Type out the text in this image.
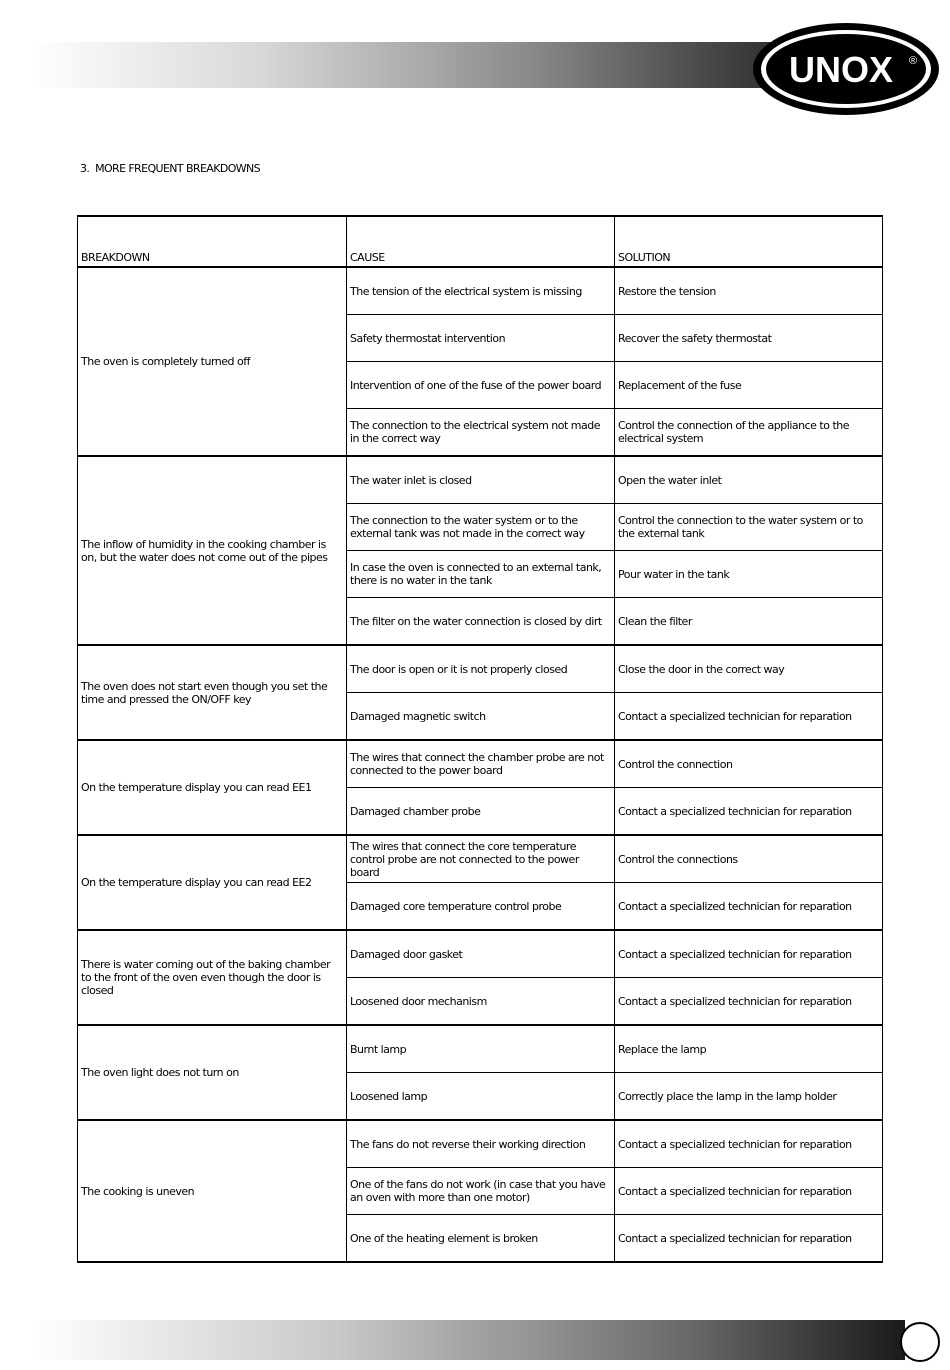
UNOX ®
3.  MORE FREQUENT BREAKDOWNS
BREAKDOWN	CAUSE	SOLUTION
The oven is completely turned off	The tension of the electrical system is missing	Restore the tension
	Safety thermostat intervention	Recover the safety thermostat
	Intervention of one of the fuse of the power board	Replacement of the fuse
	The connection to the electrical system not made in the correct way	Control the connection of the appliance to the electrical system
The inflow of humidity in the cooking chamber is on, but the water does not come out of the pipes	The water inlet is closed	Open the water inlet
	The connection to the water system or to the external tank was not made in the correct way	Control the connection to the water system or to the external tank
	In case the oven is connected to an external tank, there is no water in the tank	Pour water in the tank
	The filter on the water connection is closed by dirt	Clean the filter
The oven does not start even though you set the time and pressed the ON/OFF key	The door is open or it is not properly closed	Close the door in the correct way
	Damaged magnetic switch	Contact a specialized technician for reparation
On the temperature display you can read EE1	The wires that connect the chamber probe are not connected to the power board	Control the connection
	Damaged chamber probe	Contact a specialized technician for reparation
On the temperature display you can read EE2	The wires that connect the core temperature control probe are not connected to the power board	Control the connections
	Damaged core temperature control probe	Contact a specialized technician for reparation
There is water coming out of the baking chamber to the front of the oven even though the door is closed	Damaged door gasket	Contact a specialized technician for reparation
	Loosened door mechanism	Contact a specialized technician for reparation
The oven light does not turn on	Burnt lamp	Replace the lamp
	Loosened lamp	Correctly place the lamp in the lamp holder
The cooking is uneven	The fans do not reverse their working direction	Contact a specialized technician for reparation
	One of the fans do not work (in case that you have an oven with more than one motor)	Contact a specialized technician for reparation
	One of the heating element is broken	Contact a specialized technician for reparation
